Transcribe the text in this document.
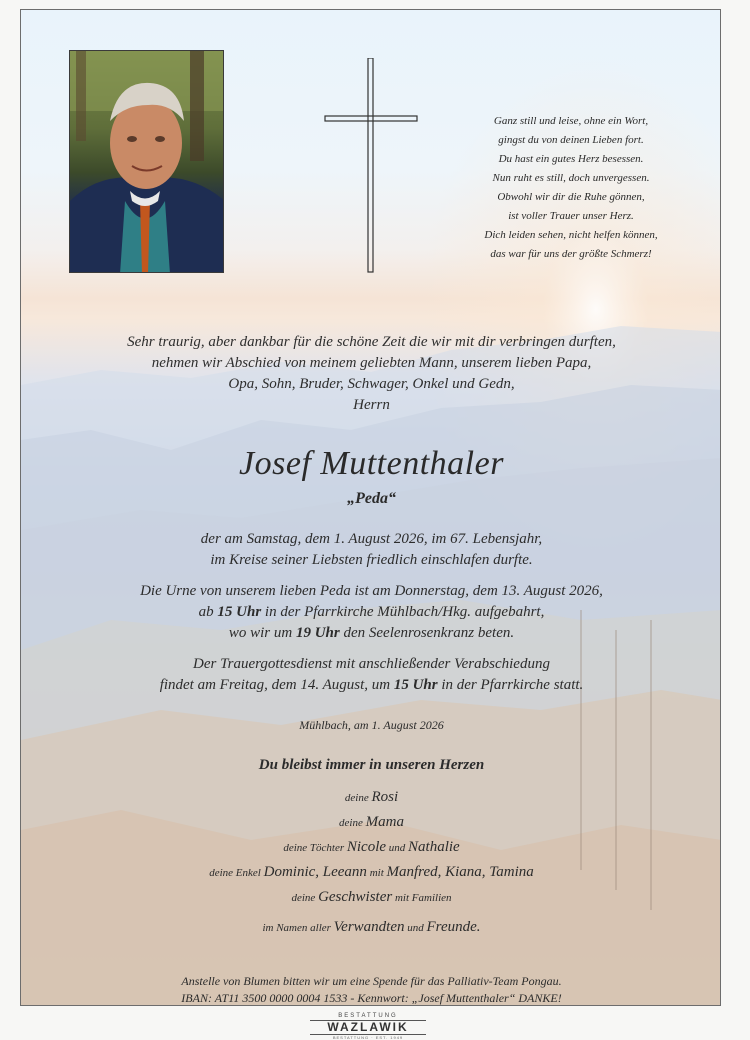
Ganz still und leise, ohne ein Wort,
gingst du von deinen Lieben fort.
Du hast ein gutes Herz besessen.
Nun ruht es still, doch unvergessen.
Obwohl wir dir die Ruhe gönnen,
ist voller Trauer unser Herz.
Dich leiden sehen, nicht helfen können,
das war für uns der größte Schmerz!
Sehr traurig, aber dankbar für die schöne Zeit die wir mit dir verbringen durften,
nehmen wir Abschied von meinem geliebten Mann, unserem lieben Papa,
Opa, Sohn, Bruder, Schwager, Onkel und Gedn,
Herrn
Josef Muttenthaler
„Peda“
der am Samstag, dem 1. August 2026, im 67. Lebensjahr,
im Kreise seiner Liebsten friedlich einschlafen durfte.
Die Urne von unserem lieben Peda ist am Donnerstag, dem 13. August 2026,
ab 15 Uhr in der Pfarrkirche Mühlbach/Hkg. aufgebahrt,
wo wir um 19 Uhr den Seelenrosenkranz beten.
Der Trauergottesdienst mit anschließender Verabschiedung
findet am Freitag, dem 14. August, um 15 Uhr in der Pfarrkirche statt.
Mühlbach, am 1. August 2026
Du bleibst immer in unseren Herzen
deine Rosi
deine Mama
deine Töchter Nicole und Nathalie
deine Enkel Dominic, Leeann mit Manfred, Kiana, Tamina
deine Geschwister mit Familien
im Namen aller Verwandten und Freunde.
Anstelle von Blumen bitten wir um eine Spende für das Palliativ-Team Pongau.
IBAN: AT11 3500 0000 0004 1533 - Kennwort: „Josef Muttenthaler“ DANKE!
BESTATTUNG
WAZLAWIK
BESTATTUNG · EST. 1949
